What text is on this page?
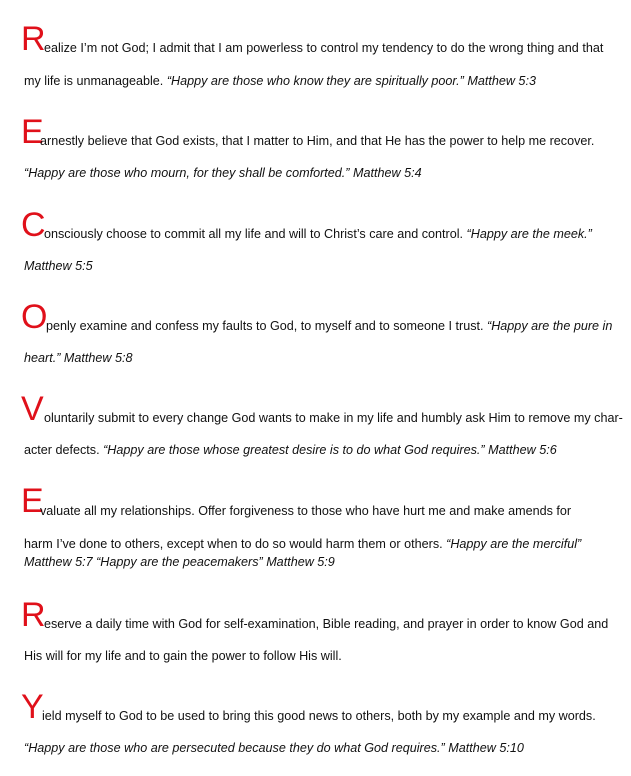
R
ealize I’m not God; I admit that I am powerless to control my tendency to do the wrong thing and that
my life is unmanageable. “Happy are those who know they are spiritually poor.” Matthew 5:3
E
arnestly believe that God exists, that I matter to Him, and that He has the power to help me recover.
“Happy are those who mourn, for they shall be comforted.” Matthew 5:4
C
onsciously choose to commit all my life and will to Christ’s care and control. “Happy are the meek.”
Matthew 5:5
O
penly examine and confess my faults to God, to myself and to someone I trust. “Happy are the pure in
heart.” Matthew 5:8
V oluntarily submit to every change God wants to make in my life and humbly ask Him to remove my char-
acter defects. “Happy are those whose greatest desire is to do what God requires.” Matthew 5:6
E
valuate all my relationships. Offer forgiveness to those who have hurt me and make amends for
harm I’ve done to others, except when to do so would harm them or others. “Happy are the merciful”
Matthew 5:7 “Happy are the peacemakers” Matthew 5:9
R
eserve a daily time with God for self-examination, Bible reading, and prayer in order to know God and
His will for my life and to gain the power to follow His will.
Y
ield myself to God to be used to bring this good news to others, both by my example and my words.
“Happy are those who are persecuted because they do what God requires.” Matthew 5:10
